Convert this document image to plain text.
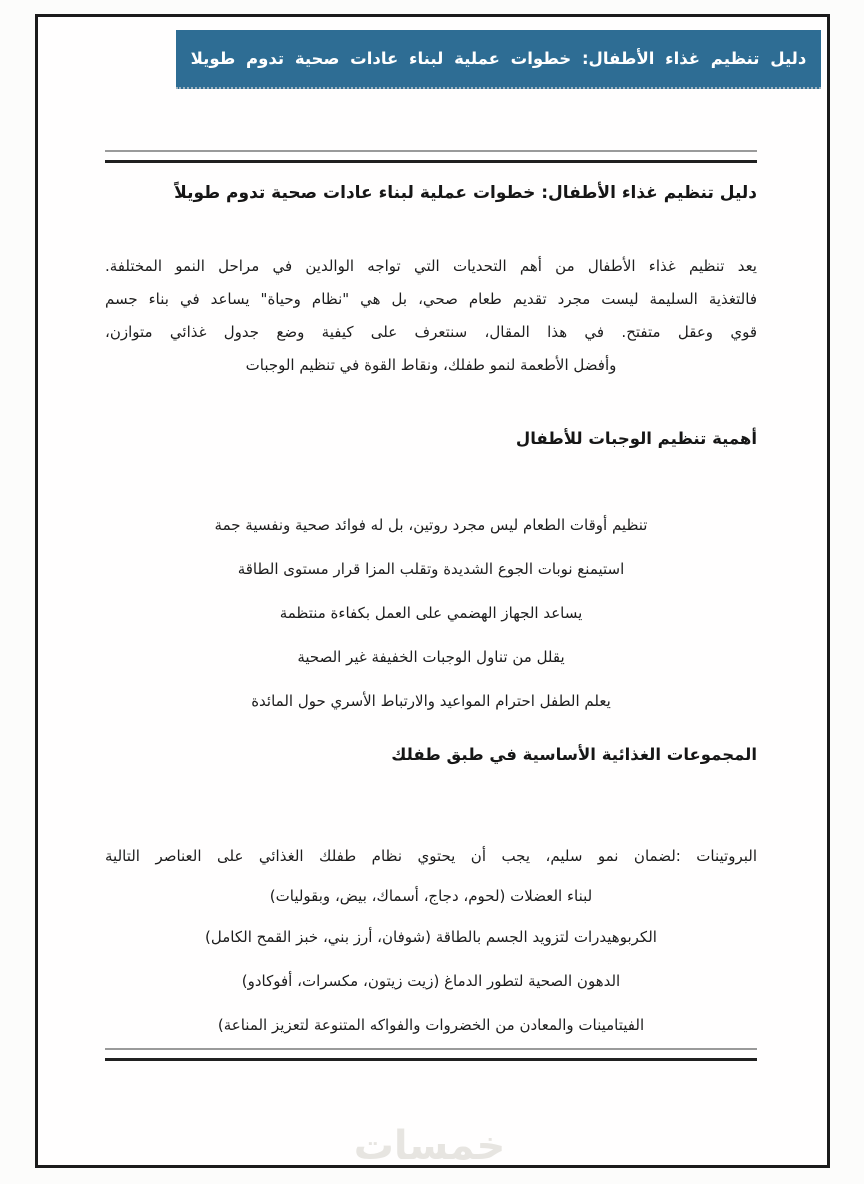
دليل تنظيم غذاء الأطفال: خطوات عملية لبناء عادات صحية تدوم طويلا
دليل تنظيم غذاء الأطفال: خطوات عملية لبناء عادات صحية تدوم طويلاً
يعد تنظيم غذاء الأطفال من أهم التحديات التي تواجه الوالدين في مراحل النمو المختلفة.
فالتغذية السليمة ليست مجرد تقديم طعام صحي، بل هي "نظام وحياة" يساعد في بناء جسم
قوي وعقل متفتح. في هذا المقال، سنتعرف على كيفية وضع جدول غذائي متوازن،
وأفضل الأطعمة لنمو طفلك، ونقاط القوة في تنظيم الوجبات
أهمية تنظيم الوجبات للأطفال
تنظيم أوقات الطعام ليس مجرد روتين، بل له فوائد صحية ونفسية جمة
استيمنع نوبات الجوع الشديدة وتقلب المزا قرار مستوى الطاقة
يساعد الجهاز الهضمي على العمل بكفاءة منتظمة
يقلل من تناول الوجبات الخفيفة غير الصحية
يعلم الطفل احترام المواعيد والارتباط الأسري حول المائدة
المجموعات الغذائية الأساسية في طبق طفلك
البروتينات :لضمان نمو سليم، يجب أن يحتوي نظام طفلك الغذائي على العناصر التالية
لبناء العضلات (لحوم، دجاج، أسماك، بيض، وبقوليات)
الكربوهيدرات لتزويد الجسم بالطاقة (شوفان، أرز بني، خبز القمح الكامل)
الدهون الصحية لتطور الدماغ (زيت زيتون، مكسرات، أفوكادو)
الفيتامينات والمعادن من الخضروات والفواكه المتنوعة لتعزيز المناعة)
خمسات
